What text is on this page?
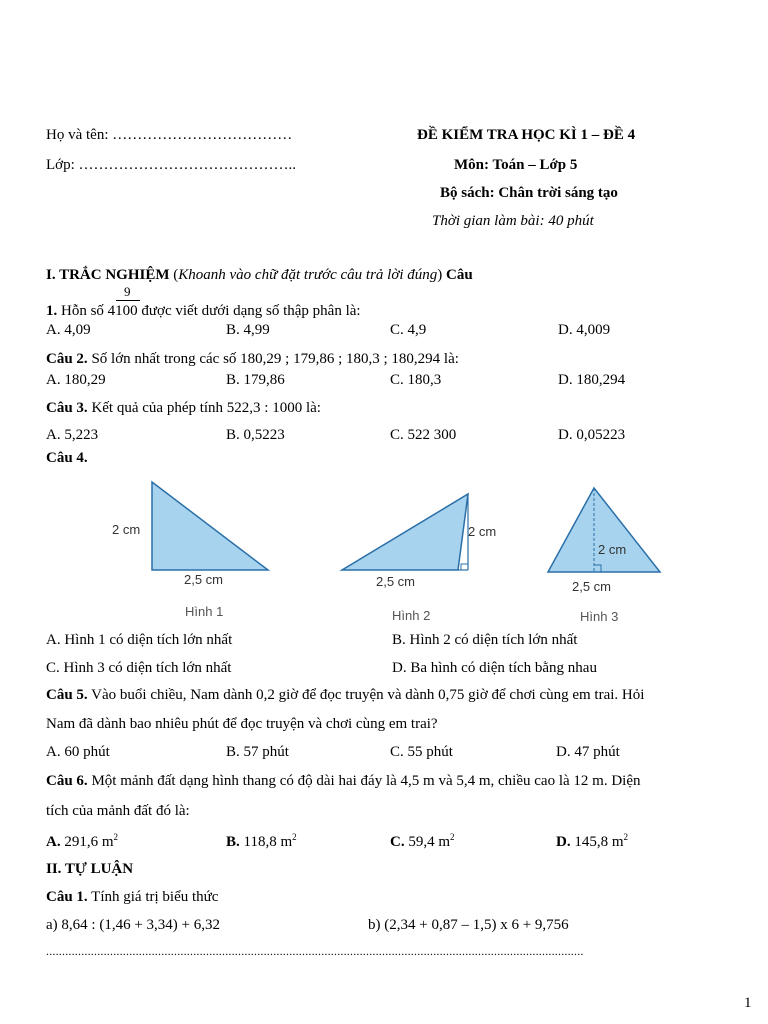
Họ và tên: ………………………………
Lớp: ……………………………………..
ĐỀ KIỂM TRA HỌC KÌ 1 – ĐỀ 4
Môn: Toán – Lớp 5
Bộ sách: Chân trời sáng tạo
Thời gian làm bài: 40 phút
I. TRẮC NGHIỆM (Khoanh vào chữ đặt trước câu trả lời đúng) Câu
9
1. Hỗn số 4100 được viết dưới dạng số thập phân là:
A. 4,09	B. 4,99	C. 4,9	D. 4,009
Câu 2. Số lớn nhất trong các số 180,29 ; 179,86 ; 180,3 ; 180,294 là:
A. 180,29	B. 179,86	C. 180,3	D. 180,294
Câu 3. Kết quả của phép tính 522,3 : 1000 là:
A. 5,223	B. 0,5223	C. 522 300	D. 0,05223
Câu 4.
2 cm
2,5 cm
Hình 1
2 cm
2,5 cm
Hình 2
2 cm
2,5 cm
Hình 3
A. Hình 1 có diện tích lớn nhất	B. Hình 2 có diện tích lớn nhất
C. Hình 3 có diện tích lớn nhất	D. Ba hình có diện tích bằng nhau
Câu 5. Vào buổi chiều, Nam dành 0,2 giờ để đọc truyện và dành 0,75 giờ để chơi cùng em trai. Hỏi
Nam đã dành bao nhiêu phút để đọc truyện và chơi cùng em trai?
A. 60 phút	B. 57 phút	C. 55 phút	D. 47 phút
Câu 6. Một mảnh đất dạng hình thang có độ dài hai đáy là 4,5 m và 5,4 m, chiều cao là 12 m. Diện
tích của mảnh đất đó là:
A. 291,6 $m^2$	B. 118,8 $m^2$	C. 59,4 $m^2$	D. 145,8 $m^2$
II. TỰ LUẬN
Câu 1. Tính giá trị biểu thức
a) 8,64 : (1,46 + 3,34) + 6,32	b) (2,34 + 0,87 – 1,5) x 6 + 9,756
........................................................................................................................................................................
1
